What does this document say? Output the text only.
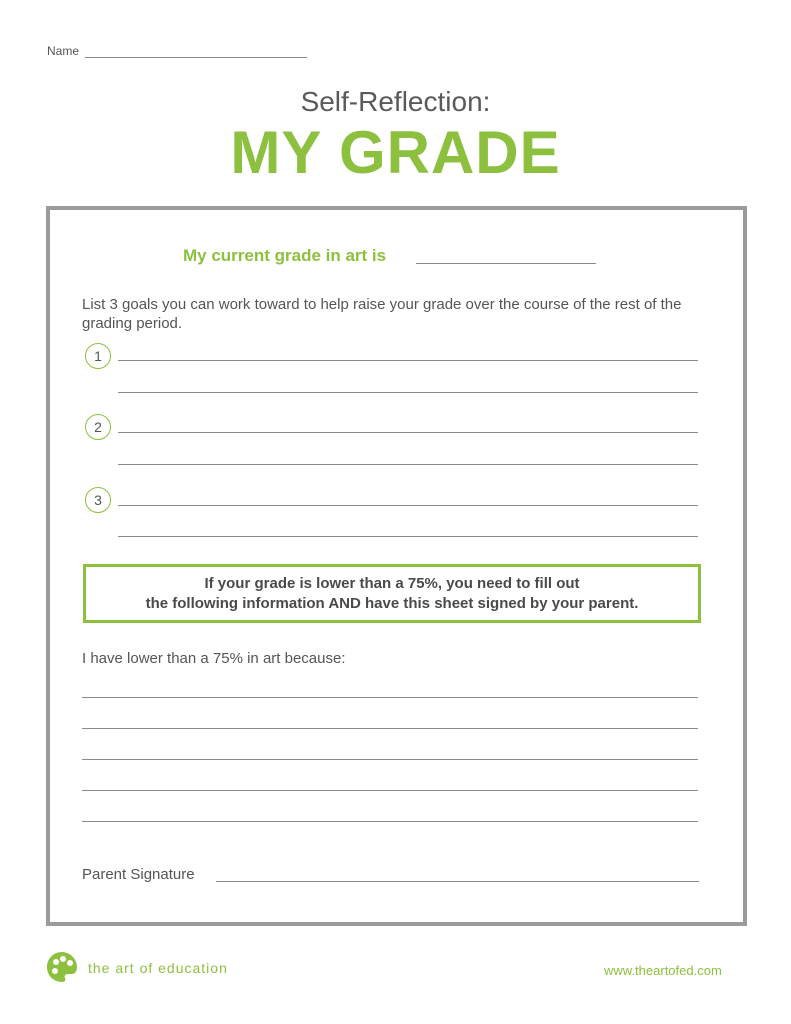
Name
Self-Reflection:
MY GRADE
My current grade in art is
List 3 goals you can work toward to help raise your grade over the course of the rest of the grading period.
1
2
3
If your grade is lower than a 75%, you need to fill out
the following information AND have this sheet signed by your parent.
I have lower than a 75% in art because:
Parent Signature
the art of education	www.theartofed.com
